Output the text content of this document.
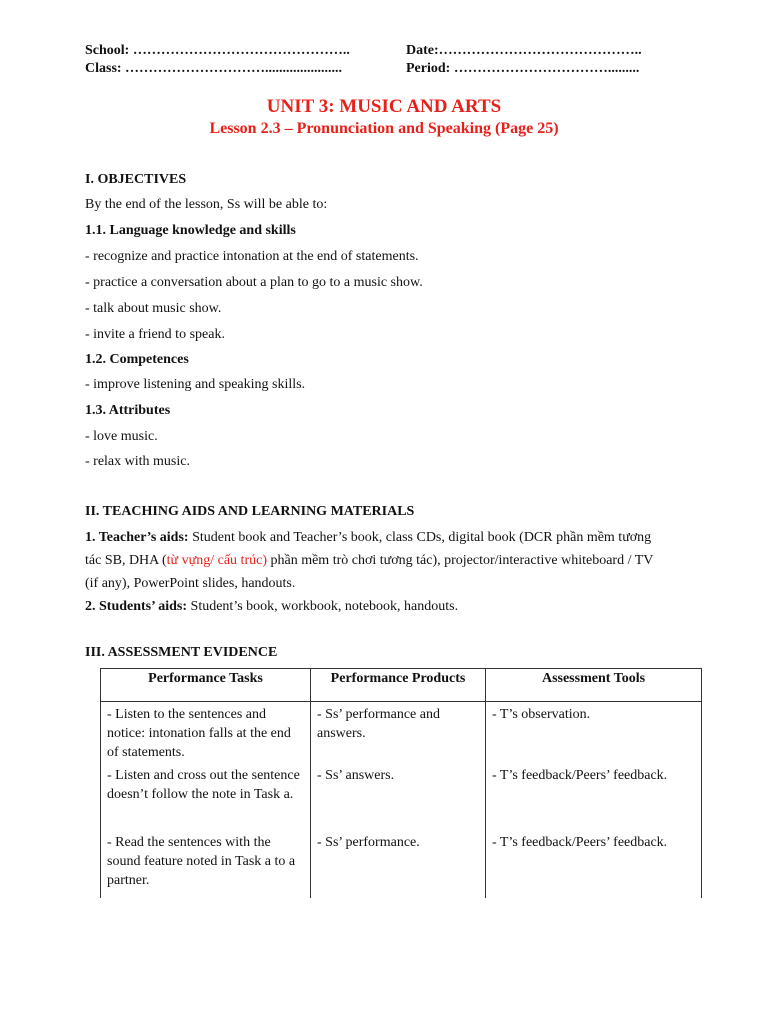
School: ………………………………………..	Date:……………………………………..
Class: …………………………......................	Period: …………………………….........
UNIT 3: MUSIC AND ARTS
Lesson 2.3 – Pronunciation and Speaking (Page 25)
I. OBJECTIVES
By the end of the lesson, Ss will be able to:
1.1. Language knowledge and skills
- recognize and practice intonation at the end of statements.
- practice a conversation about a plan to go to a music show.
- talk about music show.
- invite a friend to speak.
1.2. Competences
- improve listening and speaking skills.
1.3. Attributes
- love music.
- relax with music.
II. TEACHING AIDS AND LEARNING MATERIALS
1. Teacher’s aids: Student book and Teacher’s book, class CDs, digital book (DCR phần mềm tương
tác SB, DHA (từ vựng/ cấu trúc) phần mềm trò chơi tương tác), projector/interactive whiteboard / TV
(if any), PowerPoint slides, handouts.
2. Students’ aids: Student’s book, workbook, notebook, handouts.
III. ASSESSMENT EVIDENCE
Performance Tasks	Performance Products	Assessment Tools
- Listen to the sentences and notice: intonation falls at the end of statements.	- Ss’ performance and answers.	- T’s observation.
- Listen and cross out the sentence doesn’t follow the note in Task a.	- Ss’ answers.	- T’s feedback/Peers’ feedback.
- Read the sentences with the sound feature noted in Task a to a partner.	- Ss’ performance.	- T’s feedback/Peers’ feedback.
